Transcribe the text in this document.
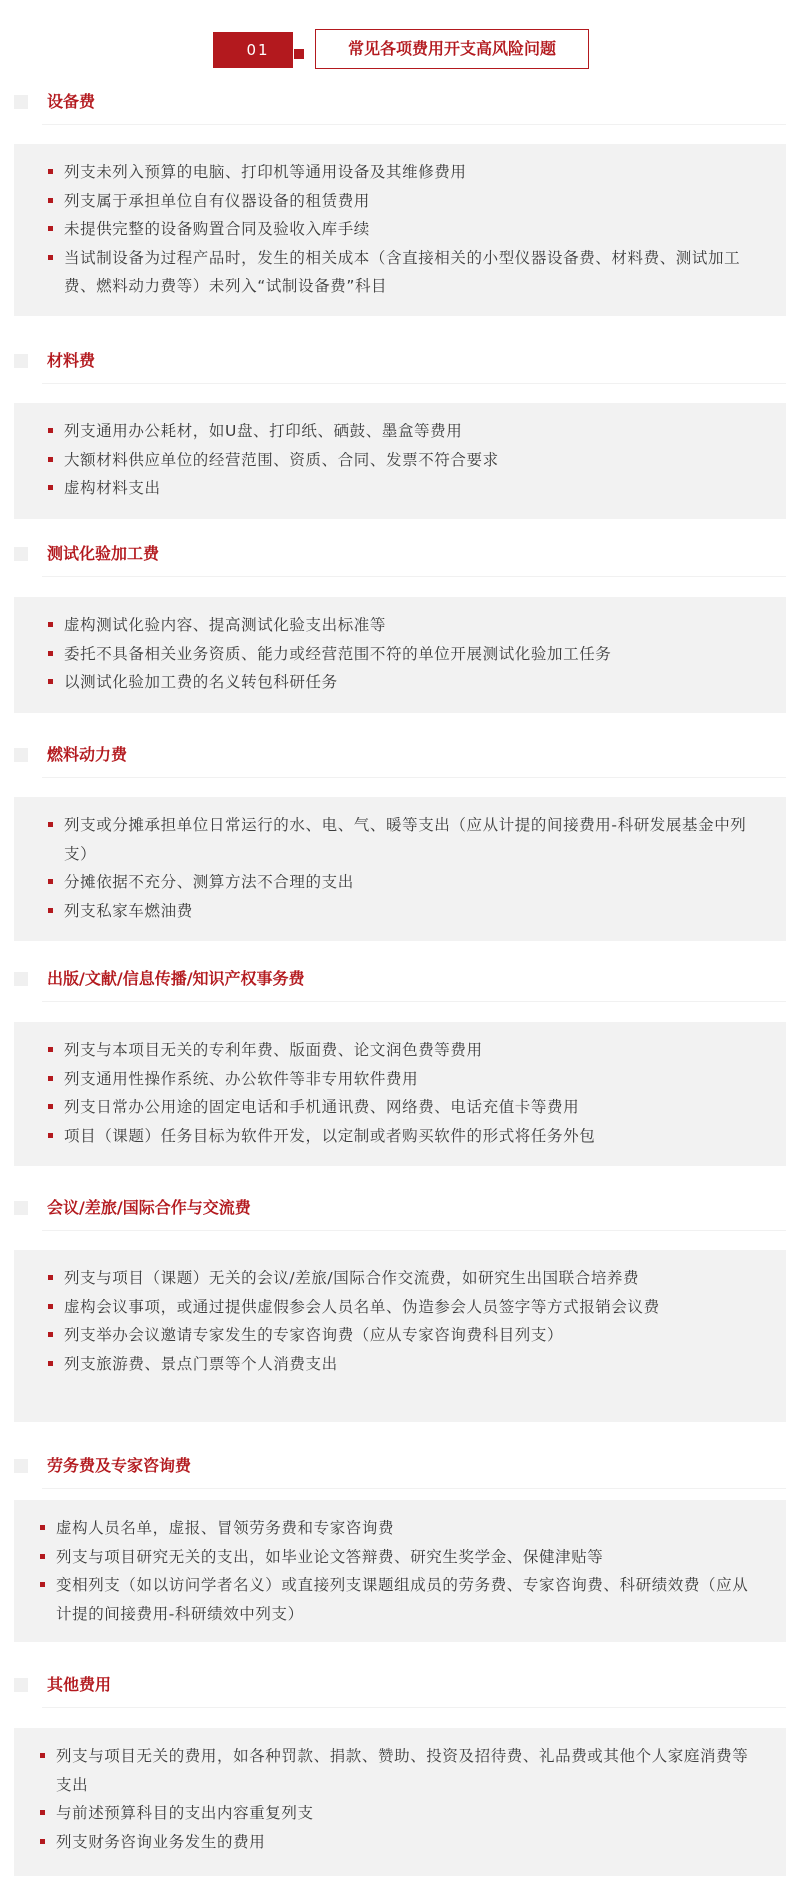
01	常见各项费用开支高风险问题
设备费
列支未列入预算的电脑、打印机等通用设备及其维修费用
列支属于承担单位自有仪器设备的租赁费用
未提供完整的设备购置合同及验收入库手续
当试制设备为过程产品时，发生的相关成本（含直接相关的小型仪器设备费、材料费、测试加工费、燃料动力费等）未列入“试制设备费”科目
材料费
列支通用办公耗材，如U盘、打印纸、硒鼓、墨盒等费用
大额材料供应单位的经营范围、资质、合同、发票不符合要求
虚构材料支出
测试化验加工费
虚构测试化验内容、提高测试化验支出标准等
委托不具备相关业务资质、能力或经营范围不符的单位开展测试化验加工任务
以测试化验加工费的名义转包科研任务
燃料动力费
列支或分摊承担单位日常运行的水、电、气、暖等支出（应从计提的间接费用-科研发展基金中列支）
分摊依据不充分、测算方法不合理的支出
列支私家车燃油费
出版/文献/信息传播/知识产权事务费
列支与本项目无关的专利年费、版面费、论文润色费等费用
列支通用性操作系统、办公软件等非专用软件费用
列支日常办公用途的固定电话和手机通讯费、网络费、电话充值卡等费用
项目（课题）任务目标为软件开发，以定制或者购买软件的形式将任务外包
会议/差旅/国际合作与交流费
列支与项目（课题）无关的会议/差旅/国际合作交流费，如研究生出国联合培养费
虚构会议事项，或通过提供虚假参会人员名单、伪造参会人员签字等方式报销会议费
列支举办会议邀请专家发生的专家咨询费（应从专家咨询费科目列支）
列支旅游费、景点门票等个人消费支出
劳务费及专家咨询费
虚构人员名单，虚报、冒领劳务费和专家咨询费
列支与项目研究无关的支出，如毕业论文答辩费、研究生奖学金、保健津贴等
变相列支（如以访问学者名义）或直接列支课题组成员的劳务费、专家咨询费、科研绩效费（应从计提的间接费用-科研绩效中列支）
其他费用
列支与项目无关的费用，如各种罚款、捐款、赞助、投资及招待费、礼品费或其他个人家庭消费等支出
与前述预算科目的支出内容重复列支
列支财务咨询业务发生的费用
